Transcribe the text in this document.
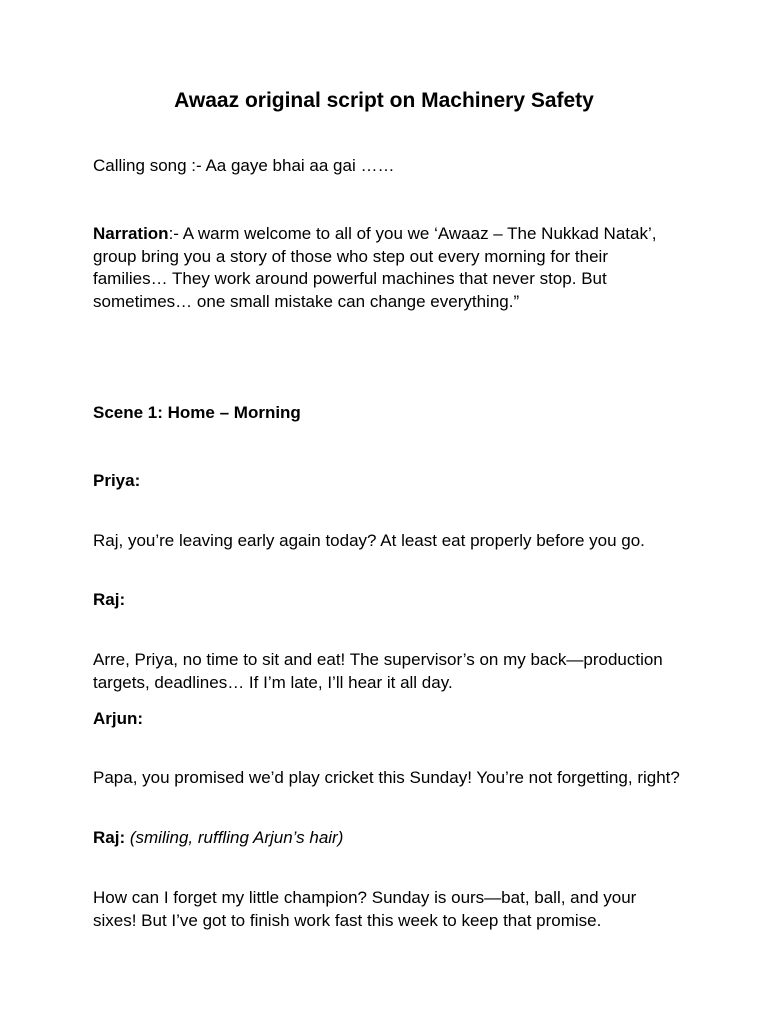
Awaaz original script on Machinery Safety

Calling song :- Aa gaye bhai aa gai ……

Narration:- A warm welcome to all of you we ‘Awaaz – The Nukkad Natak’, group bring you a story of those who step out every morning for their families… They work around powerful machines that never stop. But sometimes… one small mistake can change everything.”

Scene 1: Home – Morning

Priya:

Raj, you’re leaving early again today? At least eat properly before you go.

Raj:

Arre, Priya, no time to sit and eat! The supervisor’s on my back—production targets, deadlines… If I’m late, I’ll hear it all day.

Arjun:

Papa, you promised we’d play cricket this Sunday! You’re not forgetting, right?

Raj: (smiling, ruffling Arjun’s hair)

How can I forget my little champion? Sunday is ours—bat, ball, and your sixes! But I’ve got to finish work fast this week to keep that promise.
